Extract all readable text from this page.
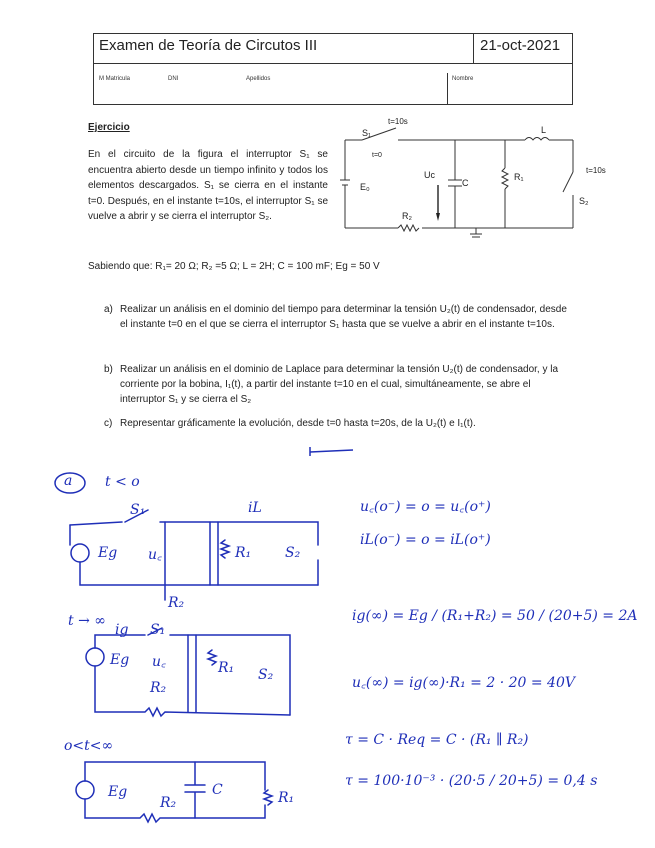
Examen de Teoría de Circutos III	21-oct-2021
M Matricula	DNI	Apellidos	Nombre
Ejercicio
En el circuito de la figura el interruptor S₁ se encuentra abierto desde un tiempo infinito y todos los elementos descargados. S₁ se cierra en el instante t=0. Después, en el instante t=10s, el interruptor S₁ se vuelve a abrir y se cierra el interruptor S₂.
Sabiendo que: R₁= 20 Ω; R₂ =5 Ω; L = 2H; C = 100 mF; Eg = 50 V
a) Realizar un análisis en el dominio del tiempo para determinar la tensión U₂(t) de condensador, desde el instante t=0 en el que se cierra el interruptor S₁ hasta que se vuelve a abrir en el instante t=10s.
b) Realizar un análisis en el dominio de Laplace para determinar la tensión U₂(t) de condensador, y la corriente por la bobina, I₁(t), a partir del instante t=10 en el cual, simultáneamente, se abre el interruptor S₁ y se cierra el S₂
c) Representar gráficamente la evolución, desde t=0 hasta t=20s, de la U₂(t) e I₁(t).
S₁
t=10s
t=0
L
Uc
C
R₁
E₀
R₂
t=10s
S₂
a t < o
u꜀(o⁻) = o = u꜀(o⁺)
iL(o⁻) = o = iL(o⁺)
t → ∞	ig(∞) = Eg / (R₁+R₂) = 50 / (20+5) = 2A
u꜀(∞) = ig(∞)·R₁ = 2 · 20 = 40V
o<t<∞	τ = C · Req = C · (R₁ ∥ R₂)
τ = 100·10⁻³ · (20·5 / 20+5) = 0,4 s
S₁	iL
Eg u꜀	R₁ S₂
R₂
ig S₁
Eg u꜀
R₂
R₁ S₂
Eg
R₂
C	R₁
